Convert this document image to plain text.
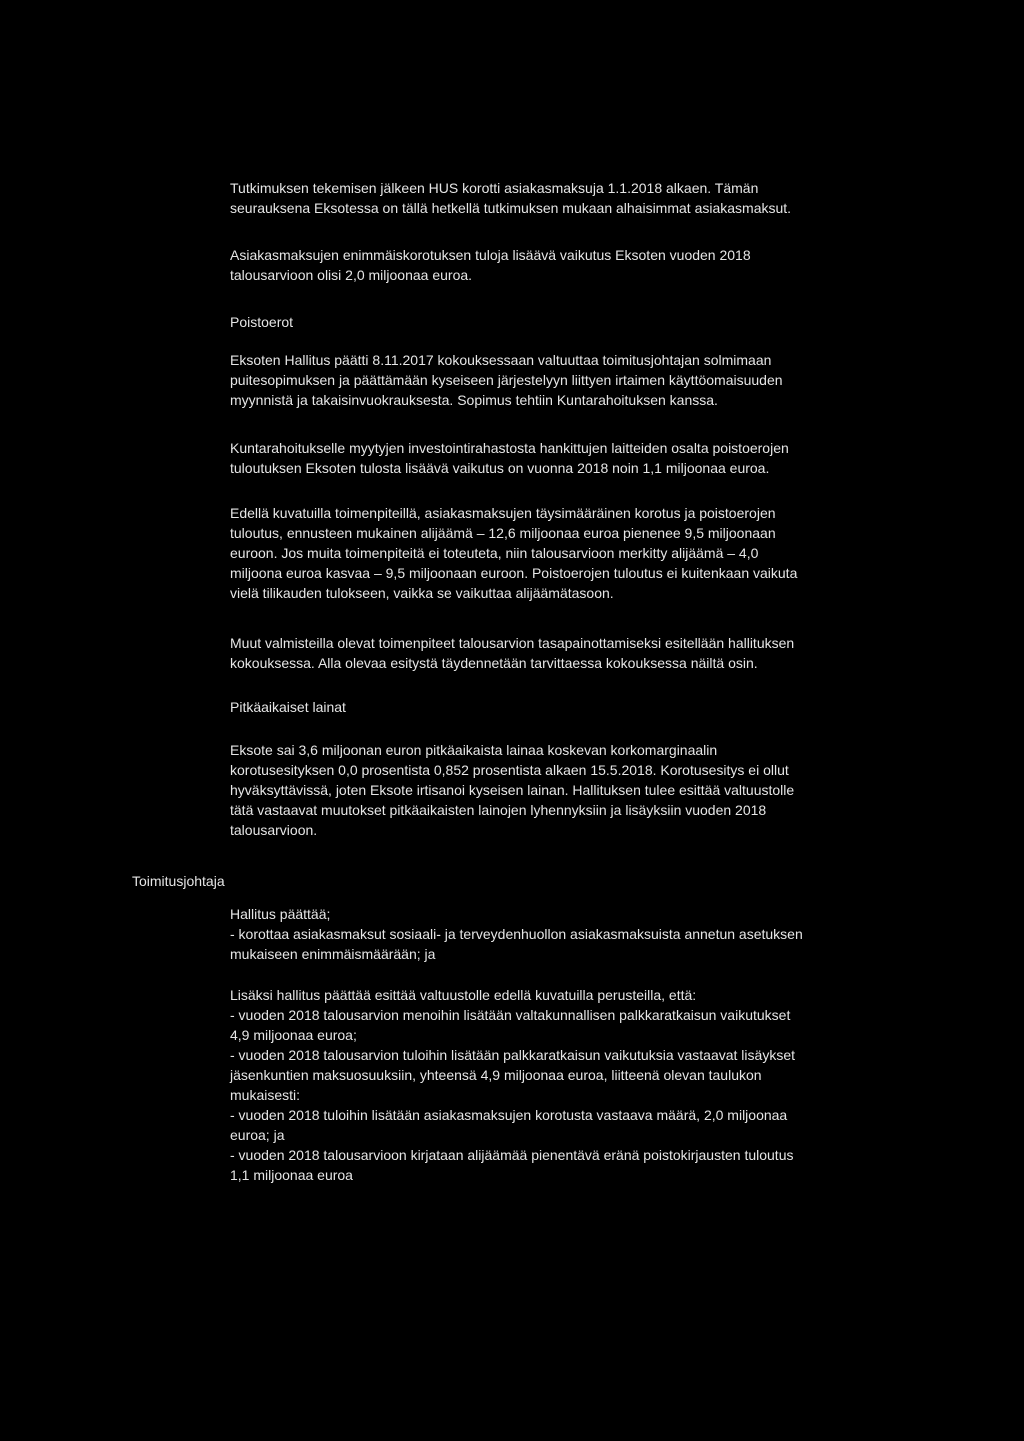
Tutkimuksen tekemisen jälkeen HUS korotti asiakasmaksuja 1.1.2018 alkaen. Tämän
seurauksena Eksotessa on tällä hetkellä tutkimuksen mukaan alhaisimmat asiakasmaksut.
Asiakasmaksujen enimmäiskorotuksen tuloja lisäävä vaikutus Eksoten vuoden 2018
talousarvioon olisi 2,0 miljoonaa euroa.
Poistoerot
Eksoten Hallitus päätti 8.11.2017 kokouksessaan valtuuttaa toimitusjohtajan solmimaan
puitesopimuksen ja päättämään kyseiseen järjestelyyn liittyen irtaimen käyttöomaisuuden
myynnistä ja takaisinvuokrauksesta. Sopimus tehtiin Kuntarahoituksen kanssa.
Kuntarahoitukselle myytyjen investointirahastosta hankittujen laitteiden osalta poistoerojen
tuloutuksen Eksoten tulosta lisäävä vaikutus on vuonna 2018 noin 1,1 miljoonaa euroa.
Edellä kuvatuilla toimenpiteillä, asiakasmaksujen täysimääräinen korotus ja poistoerojen
tuloutus, ennusteen mukainen alijäämä – 12,6 miljoonaa euroa pienenee 9,5 miljoonaan
euroon. Jos muita toimenpiteitä ei toteuteta, niin talousarvioon merkitty alijäämä – 4,0
miljoona euroa kasvaa – 9,5 miljoonaan euroon. Poistoerojen tuloutus ei kuitenkaan vaikuta
vielä tilikauden tulokseen, vaikka se vaikuttaa alijäämätasoon.
Muut valmisteilla olevat toimenpiteet talousarvion tasapainottamiseksi esitellään hallituksen
kokouksessa. Alla olevaa esitystä täydennetään tarvittaessa kokouksessa näiltä osin.
Pitkäaikaiset lainat
Eksote sai 3,6 miljoonan euron pitkäaikaista lainaa koskevan korkomarginaalin
korotusesityksen 0,0 prosentista 0,852 prosentista alkaen 15.5.2018. Korotusesitys ei ollut
hyväksyttävissä, joten Eksote irtisanoi kyseisen lainan. Hallituksen tulee esittää valtuustolle
tätä vastaavat muutokset pitkäaikaisten lainojen lyhennyksiin ja lisäyksiin vuoden 2018
talousarvioon.
Toimitusjohtaja
Hallitus päättää;
- korottaa asiakasmaksut sosiaali- ja terveydenhuollon asiakasmaksuista annetun asetuksen
mukaiseen enimmäismäärään; ja
Lisäksi hallitus päättää esittää valtuustolle edellä kuvatuilla perusteilla, että:
- vuoden 2018 talousarvion menoihin lisätään valtakunnallisen palkkaratkaisun vaikutukset
4,9 miljoonaa euroa;
- vuoden 2018 talousarvion tuloihin lisätään palkkaratkaisun vaikutuksia vastaavat lisäykset
jäsenkuntien maksuosuuksiin, yhteensä 4,9 miljoonaa euroa, liitteenä olevan taulukon
mukaisesti:
- vuoden 2018 tuloihin lisätään asiakasmaksujen korotusta vastaava määrä, 2,0 miljoonaa
euroa; ja
- vuoden 2018 talousarvioon kirjataan alijäämää pienentävä eränä poistokirjausten tuloutus
1,1 miljoonaa euroa
